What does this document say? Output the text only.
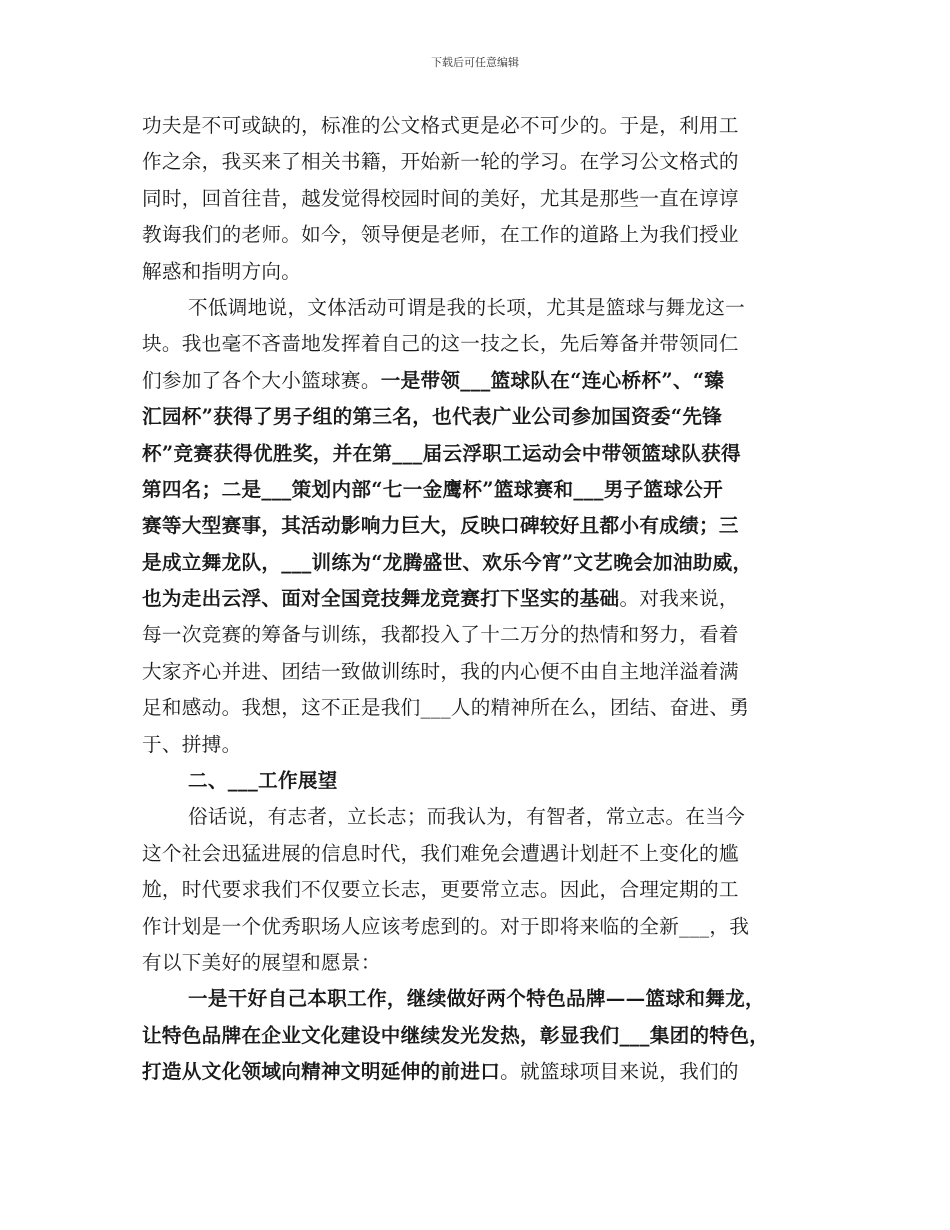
下载后可任意编辑
功夫是不可或缺的，标准的公文格式更是必不可少的。于是，利用工
作之余，我买来了相关书籍，开始新一轮的学习。在学习公文格式的
同时，回首往昔，越发觉得校园时间的美好，尤其是那些一直在谆谆
教诲我们的老师。如今，领导便是老师，在工作的道路上为我们授业
解惑和指明方向。
不低调地说，文体活动可谓是我的长项，尤其是篮球与舞龙这一
块。我也毫不吝啬地发挥着自己的这一技之长，先后筹备并带领同仁
们参加了各个大小篮球赛。一是带领___篮球队在“连心桥杯”、“臻
汇园杯”获得了男子组的第三名，也代表广业公司参加国资委“先锋
杯”竞赛获得优胜奖，并在第___届云浮职工运动会中带领篮球队获得
第四名；二是___策划内部“七一金鹰杯”篮球赛和___男子篮球公开
赛等大型赛事，其活动影响力巨大，反映口碑较好且都小有成绩；三
是成立舞龙队，___训练为“龙腾盛世、欢乐今宵”文艺晚会加油助威，
也为走出云浮、面对全国竞技舞龙竞赛打下坚实的基础。对我来说，
每一次竞赛的筹备与训练，我都投入了十二万分的热情和努力，看着
大家齐心并进、团结一致做训练时，我的内心便不由自主地洋溢着满
足和感动。我想，这不正是我们___人的精神所在么，团结、奋进、勇
于、拼搏。
二、___工作展望
俗话说，有志者，立长志；而我认为，有智者，常立志。在当今
这个社会迅猛进展的信息时代，我们难免会遭遇计划赶不上变化的尴
尬，时代要求我们不仅要立长志，更要常立志。因此，合理定期的工
作计划是一个优秀职场人应该考虑到的。对于即将来临的全新___，我
有以下美好的展望和愿景：
一是干好自己本职工作，继续做好两个特色品牌——篮球和舞龙，
让特色品牌在企业文化建设中继续发光发热，彰显我们___集团的特色，
打造从文化领域向精神文明延伸的前进口。就篮球项目来说，我们的
